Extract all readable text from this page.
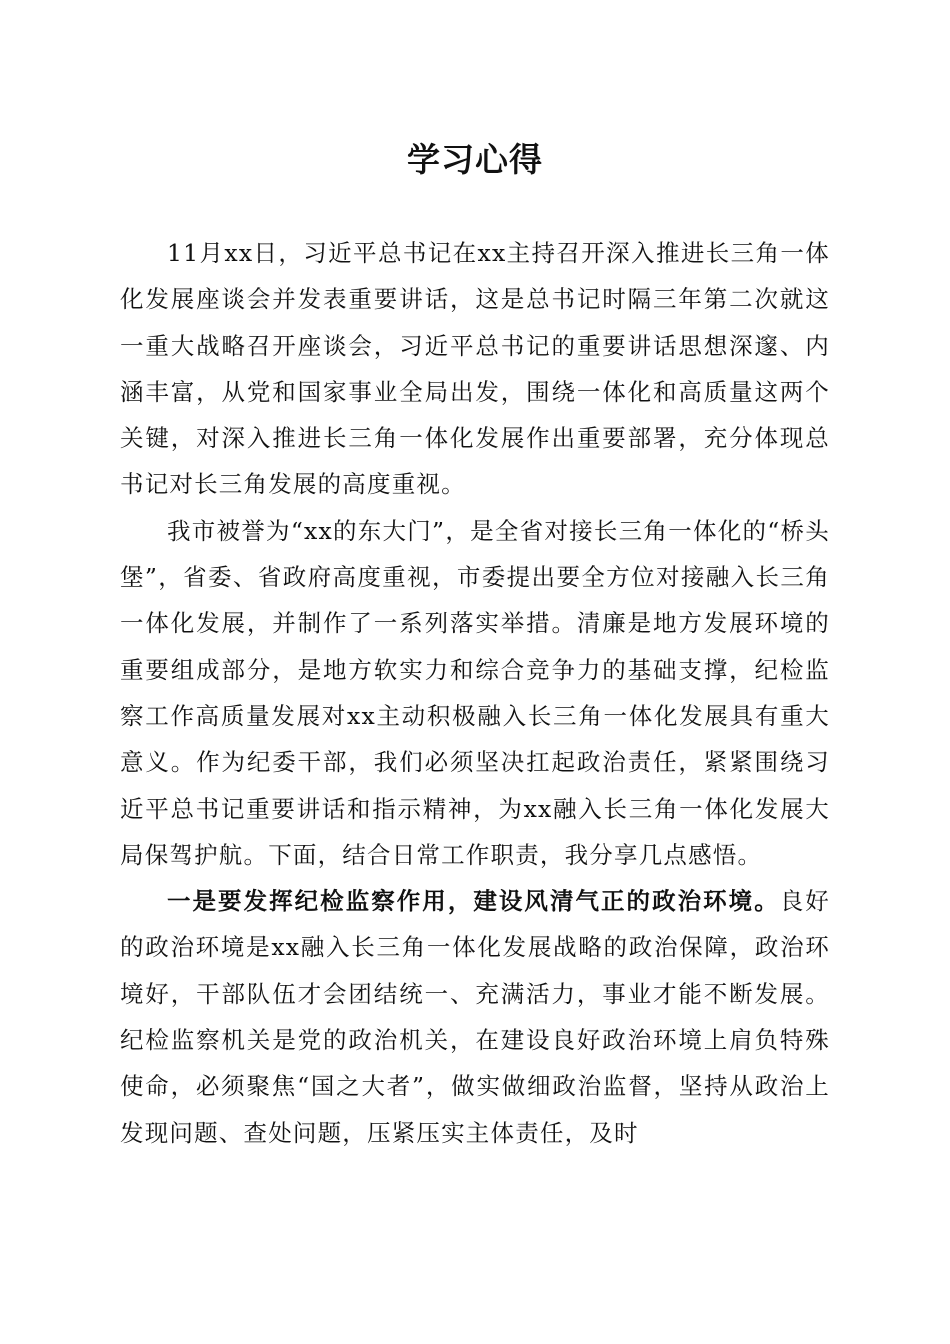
学习心得

11月xx日，习近平总书记在xx主持召开深入推进长三角一体化发展座谈会并发表重要讲话，这是总书记时隔三年第二次就这一重大战略召开座谈会，习近平总书记的重要讲话思想深邃、内涵丰富，从党和国家事业全局出发，围绕一体化和高质量这两个关键，对深入推进长三角一体化发展作出重要部署，充分体现总书记对长三角发展的高度重视。

我市被誉为“xx的东大门”，是全省对接长三角一体化的“桥头堡”，省委、省政府高度重视，市委提出要全方位对接融入长三角一体化发展，并制作了一系列落实举措。清廉是地方发展环境的重要组成部分，是地方软实力和综合竞争力的基础支撑，纪检监察工作高质量发展对xx主动积极融入长三角一体化发展具有重大意义。作为纪委干部，我们必须坚决扛起政治责任，紧紧围绕习近平总书记重要讲话和指示精神，为xx融入长三角一体化发展大局保驾护航。下面，结合日常工作职责，我分享几点感悟。

一是要发挥纪检监察作用，建设风清气正的政治环境。良好的政治环境是xx融入长三角一体化发展战略的政治保障，政治环境好，干部队伍才会团结统一、充满活力，事业才能不断发展。纪检监察机关是党的政治机关，在建设良好政治环境上肩负特殊使命，必须聚焦“国之大者”，做实做细政治监督，坚持从政治上发现问题、查处问题，压紧压实主体责任，及时
